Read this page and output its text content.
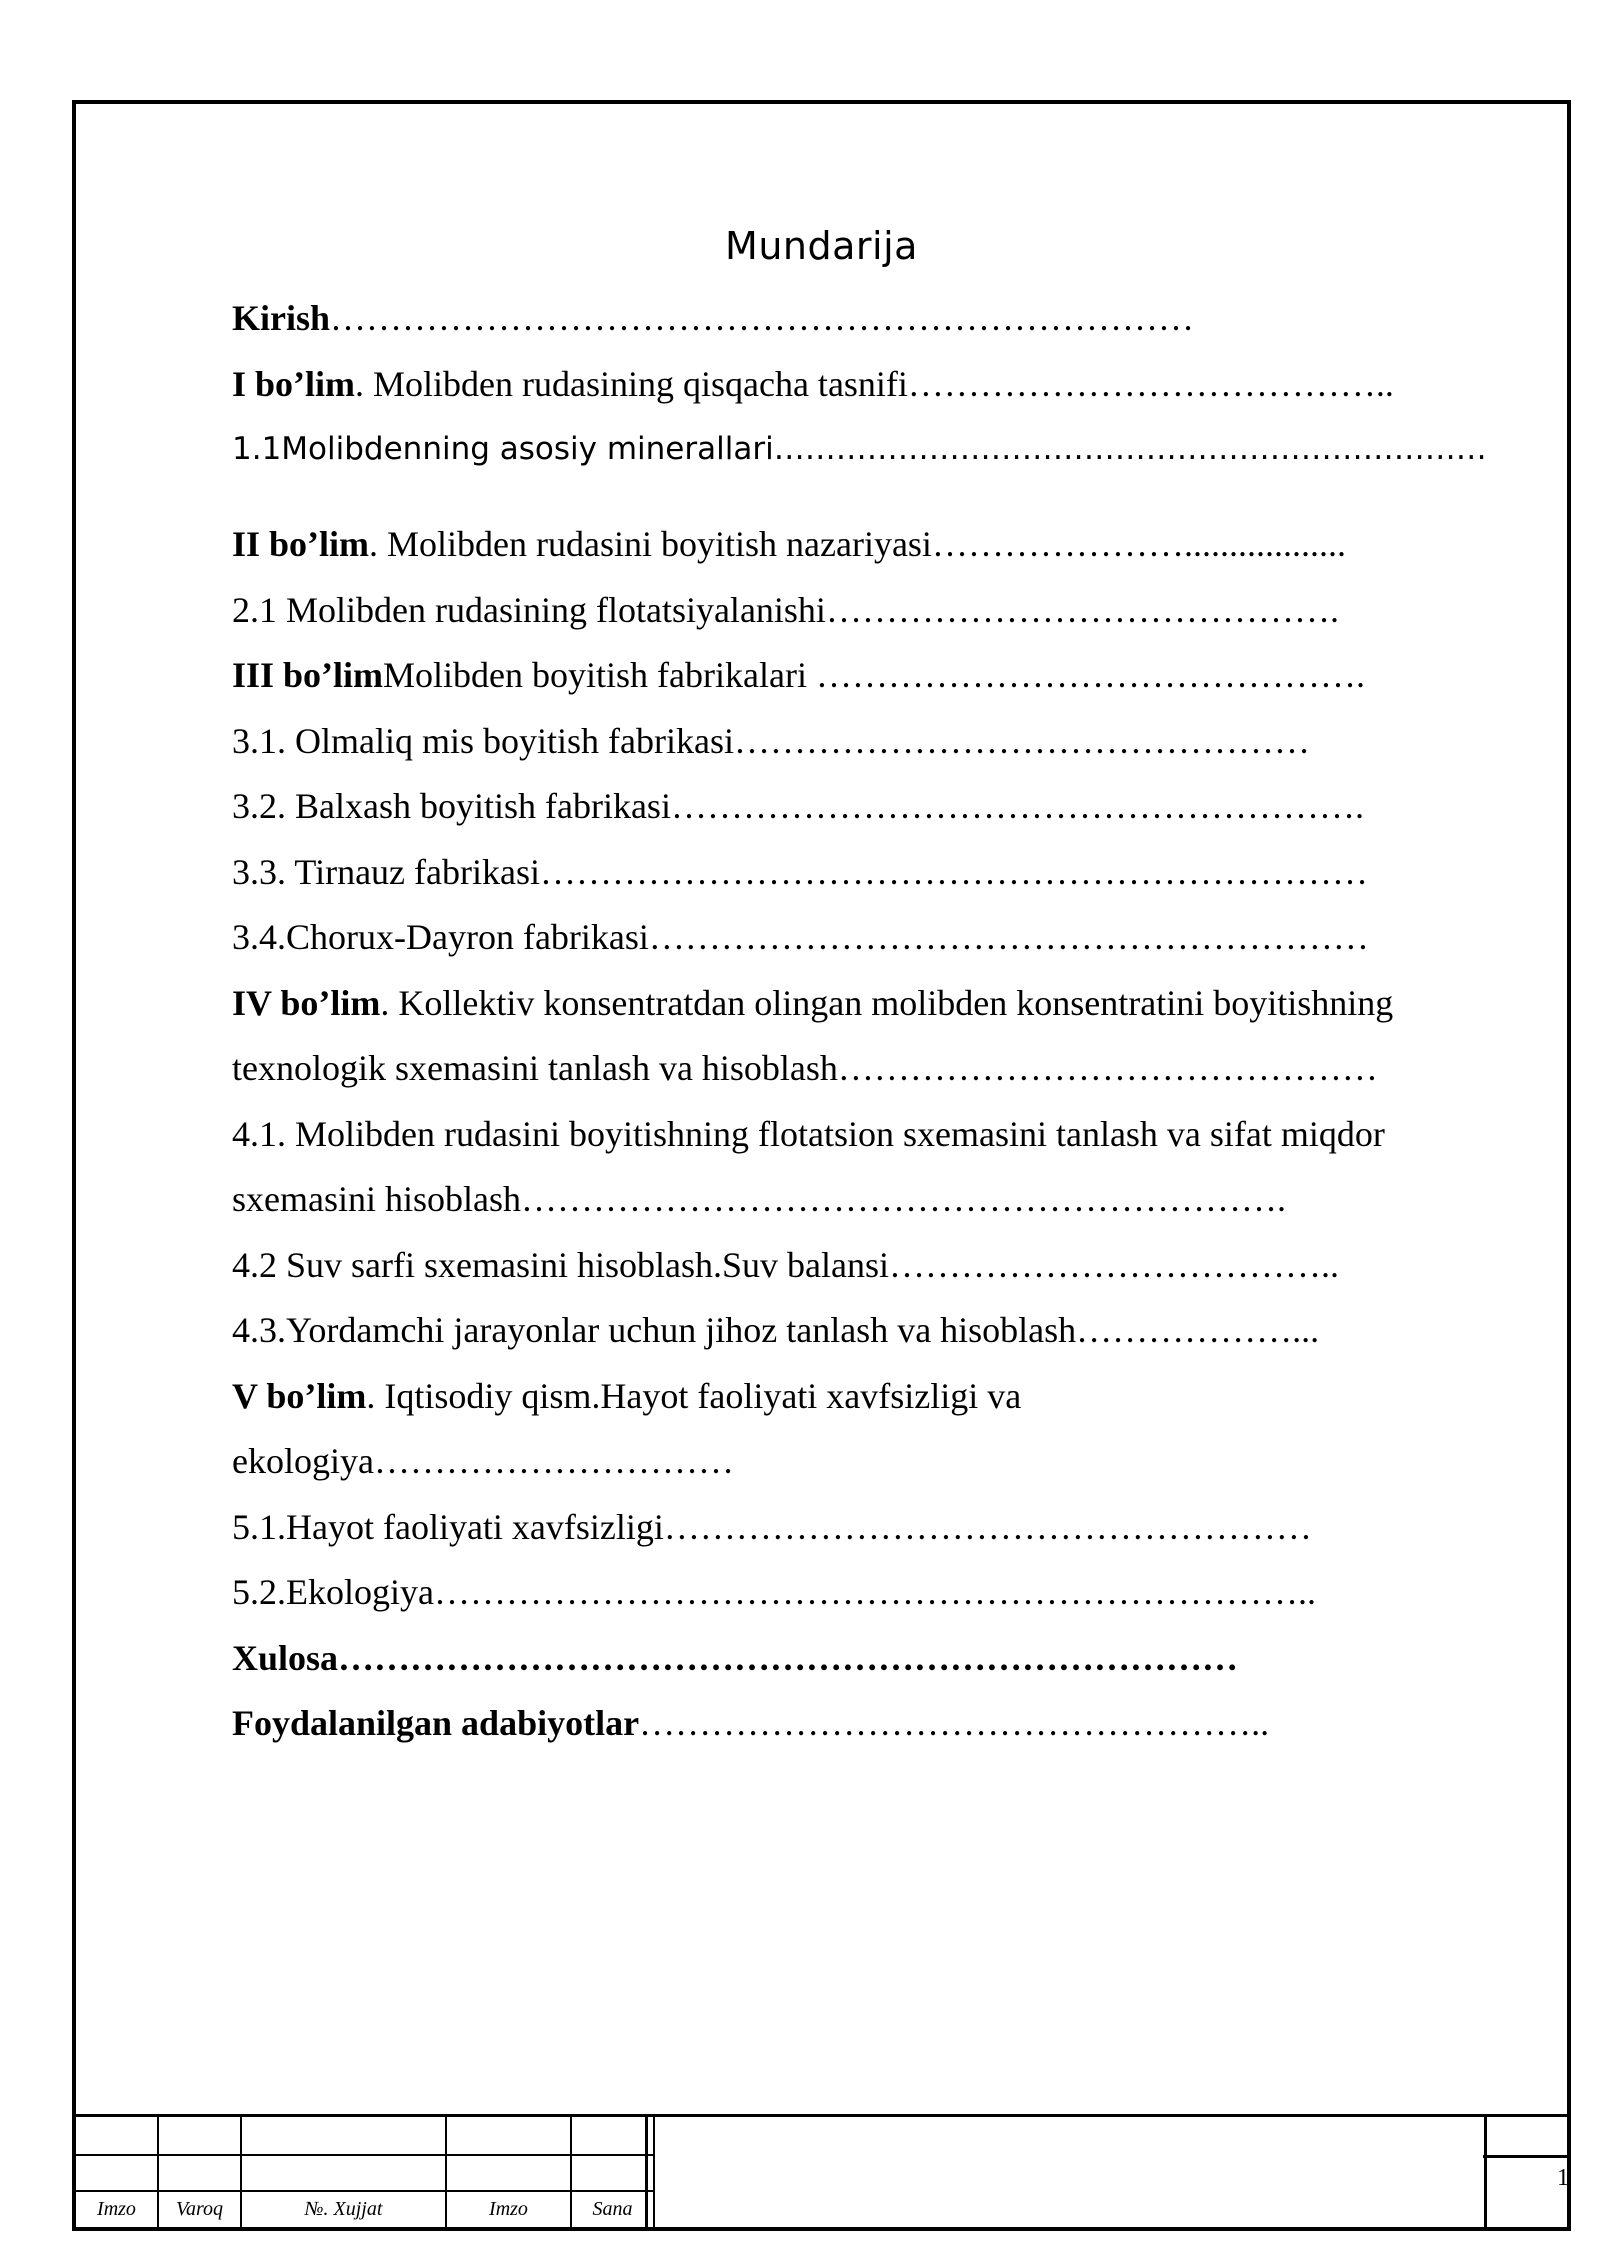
Mundarija
Kirish………………………………………………………………
I bo’lim. Molibden rudasining qisqacha tasnifi…………………………………..
1.1Molibdenning asosiy minerallari……………………………………………………………
II bo’lim. Molibden rudasini boyitish nazariyasi…………………..................
2.1 Molibden rudasining flotatsiyalanishi…………………………………….
III bo’limMolibden boyitish fabrikalari ……………………………………….
3.1. Olmaliq mis boyitish fabrikasi…………………………………………
3.2. Balxash boyitish fabrikasi………………………………………………….
3.3. Tirnauz fabrikasi……………………………………………………………
3.4.Chorux-Dayron fabrikasi……………………………………………………
IV bo’lim. Kollektiv konsentratdan olingan molibden konsentratini boyitishning
texnologik sxemasini tanlash va hisoblash………………………………………
4.1. Molibden rudasini boyitishning flotatsion sxemasini tanlash va sifat miqdor
sxemasini hisoblash……………………………………………………….
4.2 Suv sarfi sxemasini hisoblash.Suv balansi………………………………..
4.3.Yordamchi jarayonlar uchun jihoz tanlash va hisoblash………………...
V bo’lim. Iqtisodiy qism.Hayot faoliyati xavfsizligi va
ekologiya…………………………
5.1.Hayot faoliyati xavfsizligi………………………………………………
5.2.Ekologiya………………………………………………………………..
Xulosa…………………………………………………………………
Foydalanilgan adabiyotlar……………………………………………..

Imzo	Varoq	№. Xujjat	Imzo	Sana
1
